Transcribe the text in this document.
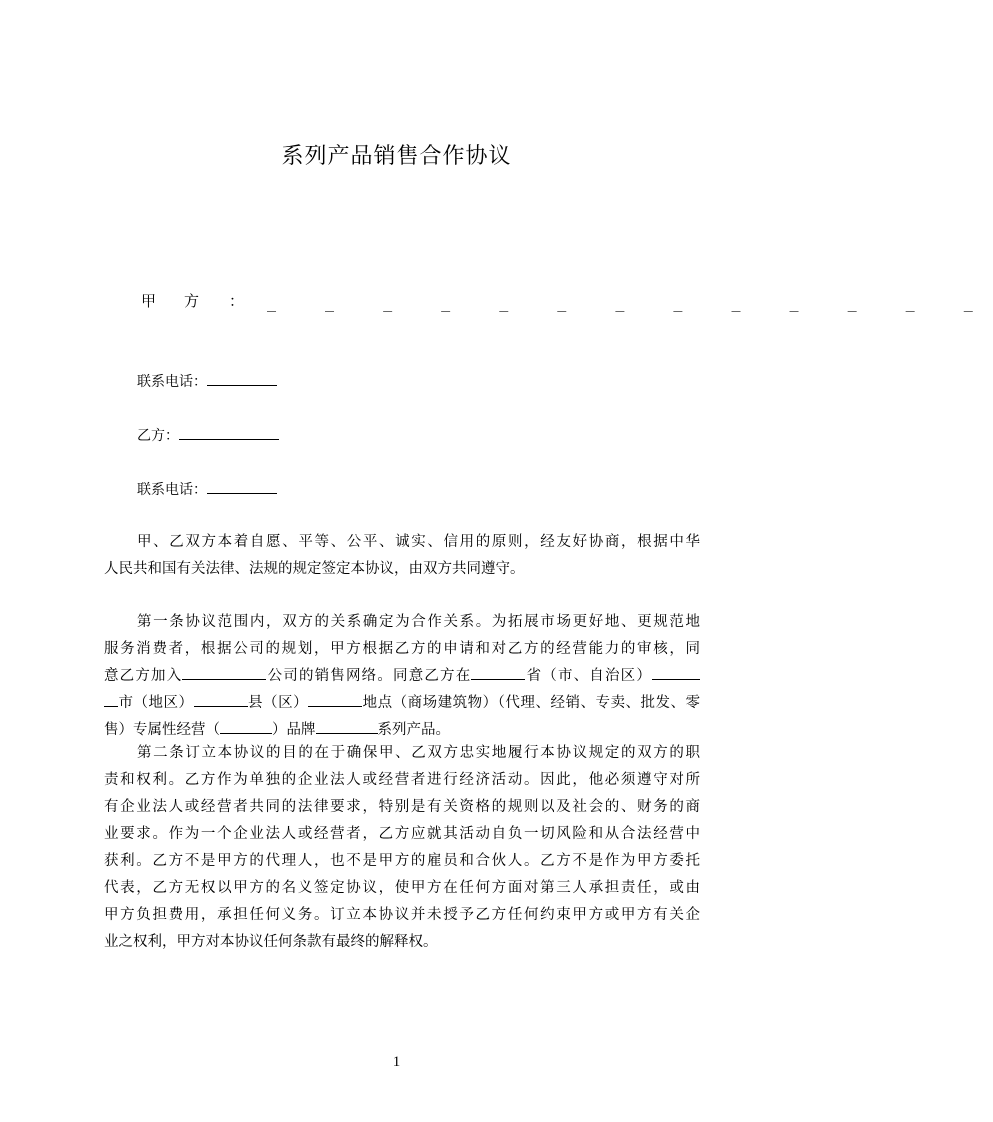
系列产品销售合作协议
甲 方 ： _ _ _ _ _ _ _ _ _ _ _ _ _
联系电话：
乙方：
联系电话：
甲、乙双方本着自愿、平等、公平、诚实、信用的原则，经友好协商，根据中华
人民共和国有关法律、法规的规定签定本协议，由双方共同遵守。
第一条协议范围内，双方的关系确定为合作关系。为拓展市场更好地、更规范地
服务消费者，根据公司的规划，甲方根据乙方的申请和对乙方的经营能力的审核，同
意乙方加入	公司的销售网络。同意乙方在	省（市、自治区）
市（地区）	县（区）	地点（商场建筑物）（代理、经销、专卖、批发、零
售）专属性经营（	）品牌	系列产品。
第二条订立本协议的目的在于确保甲、乙双方忠实地履行本协议规定的双方的职
责和权利。乙方作为单独的企业法人或经营者进行经济活动。因此，他必须遵守对所
有企业法人或经营者共同的法律要求，特别是有关资格的规则以及社会的、财务的商
业要求。作为一个企业法人或经营者，乙方应就其活动自负一切风险和从合法经营中
获利。乙方不是甲方的代理人，也不是甲方的雇员和合伙人。乙方不是作为甲方委托
代表，乙方无权以甲方的名义签定协议，使甲方在任何方面对第三人承担责任，或由
甲方负担费用，承担任何义务。订立本协议并未授予乙方任何约束甲方或甲方有关企
业之权利，甲方对本协议任何条款有最终的解释权。
1
